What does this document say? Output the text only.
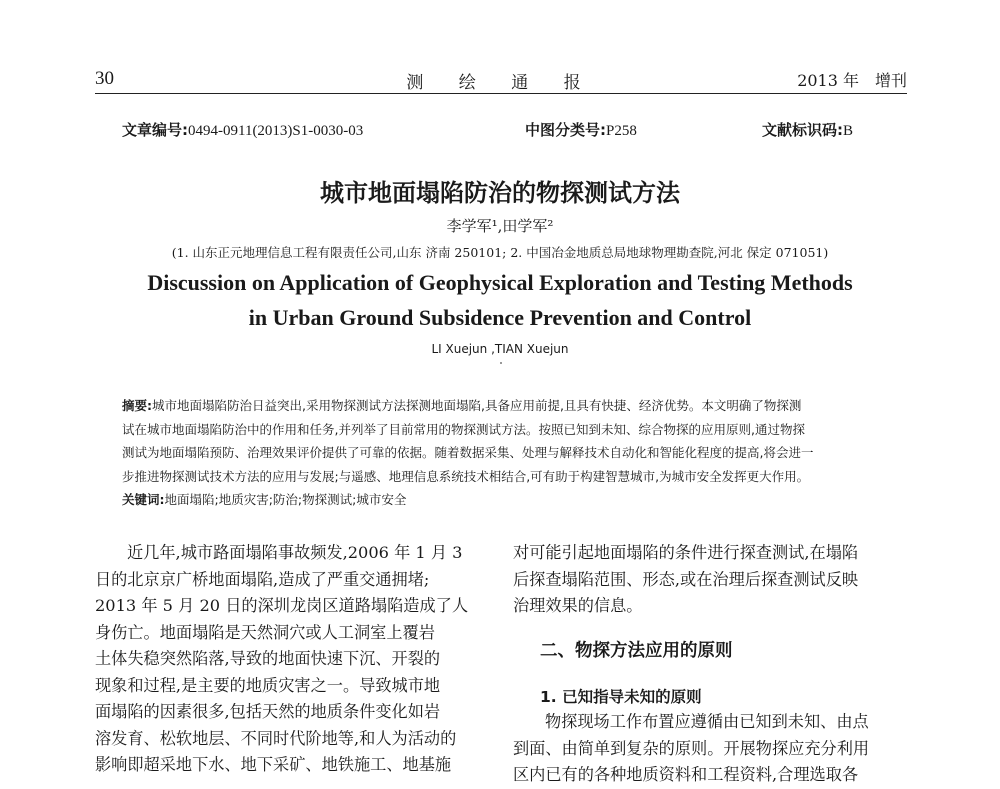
30	测 绘 通 报	2013 年　增刊
文章编号:0494-0911(2013)S1-0030-03	中图分类号:P258	文献标识码:B
城市地面塌陷防治的物探测试方法
李学军¹,田学军²
(1. 山东正元地理信息工程有限责任公司,山东 济南 250101; 2. 中国冶金地质总局地球物理勘查院,河北 保定 071051)
Discussion on Application of Geophysical Exploration and Testing Methods
in Urban Ground Subsidence Prevention and Control
LI Xuejun ,TIAN Xuejun
摘要:城市地面塌陷防治日益突出,采用物探测试方法探测地面塌陷,具备应用前提,且具有快捷、经济优势。本文明确了物探测
试在城市地面塌陷防治中的作用和任务,并列举了目前常用的物探测试方法。按照已知到未知、综合物探的应用原则,通过物探
测试为地面塌陷预防、治理效果评价提供了可靠的依据。随着数据采集、处理与解释技术自动化和智能化程度的提高,将会进一
步推进物探测试技术方法的应用与发展;与遥感、地理信息系统技术相结合,可有助于构建智慧城市,为城市安全发挥更大作用。
关键词:地面塌陷;地质灾害;防治;物探测试;城市安全
近几年,城市路面塌陷事故频发,2006 年 1 月 3
日的北京京广桥地面塌陷,造成了严重交通拥堵;
2013 年 5 月 20 日的深圳龙岗区道路塌陷造成了人
身伤亡。地面塌陷是天然洞穴或人工洞室上覆岩
土体失稳突然陷落,导致的地面快速下沉、开裂的
现象和过程,是主要的地质灾害之一。导致城市地
面塌陷的因素很多,包括天然的地质条件变化如岩
溶发育、松软地层、不同时代阶地等,和人为活动的
影响即超采地下水、地下采矿、地铁施工、地基施
对可能引起地面塌陷的条件进行探查测试,在塌陷
后探查塌陷范围、形态,或在治理后探查测试反映
治理效果的信息。
二、物探方法应用的原则
1. 已知指导未知的原则
物探现场工作布置应遵循由已知到未知、由点
到面、由简单到复杂的原则。开展物探应充分利用
区内已有的各种地质资料和工程资料,合理选取各
